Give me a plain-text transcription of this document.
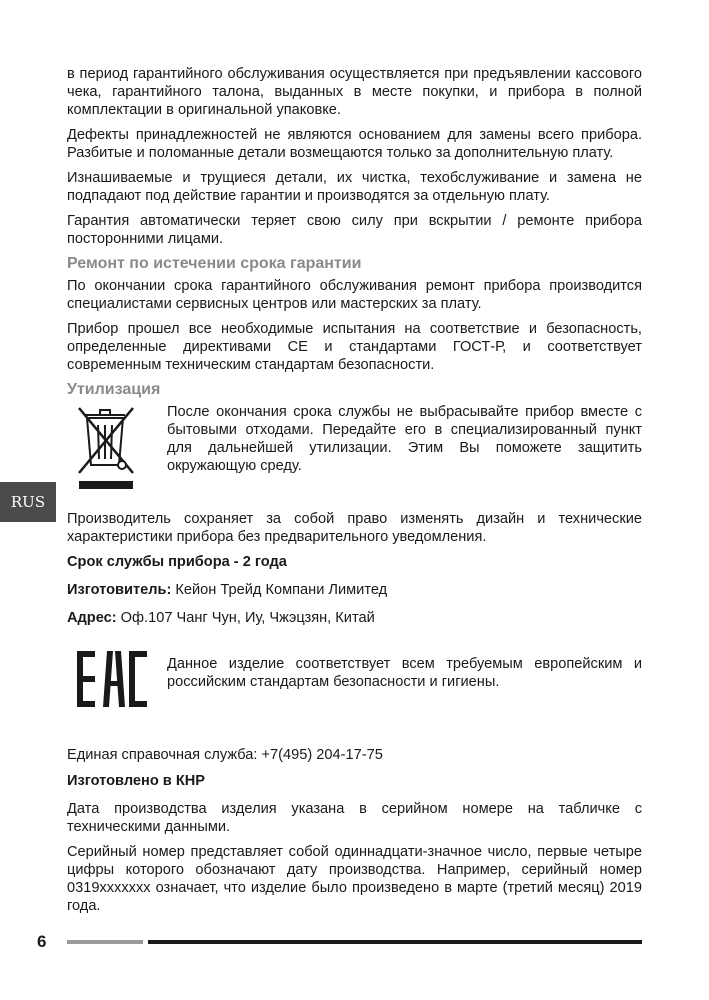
RUS

в период гарантийного обслуживания осуществляется при предъявлении кассового чека, гарантийного талона, выданных в месте покупки, и прибора в полной комплектации в оригинальной упаковке.

Дефекты принадлежностей не являются основанием для замены всего прибора. Разбитые и поломанные детали возмещаются только за дополнительную плату.

Изнашиваемые и трущиеся детали, их чистка, техобслуживание и замена не подпадают под действие гарантии и производятся за отдельную плату.

Гарантия автоматически теряет свою силу при вскрытии / ремонте прибора посторонними лицами.

Ремонт по истечении срока гарантии

По окончании срока гарантийного обслуживания ремонт прибора производится специалистами сервисных центров или мастерских за плату.

Прибор прошел все необходимые испытания на соответствие и безопасность, определенные директивами CE и стандартами ГОСТ-Р, и соответствует современным техническим стандартам безопасности.

Утилизация
После окончания срока службы не выбрасывайте прибор вместе с бытовыми отходами. Передайте его в специализированный пункт для дальнейшей утилизации. Этим Вы поможете защитить окружающую среду.

Производитель сохраняет за собой право изменять дизайн и технические характеристики прибора без предварительного уведомления.

Срок службы прибора - 2 года

Изготовитель: Кейон Трейд Компани Лимитед

Адрес: Оф.107 Чанг Чун, Иу, Чжэцзян, Китай

Данное изделие соответствует всем требуемым европейским и российским стандартам безопасности и гигиены.

Единая справочная служба: +7(495) 204-17-75

Изготовлено в КНР

Дата производства изделия указана в серийном номере на табличке с техническими данными.

Серийный номер представляет собой одиннадцати-значное число, первые четыре цифры которого обозначают дату производства. Например, серийный номер 0319xxxxxxx означает, что изделие было произведено в марте (третий месяц) 2019 года.

6
